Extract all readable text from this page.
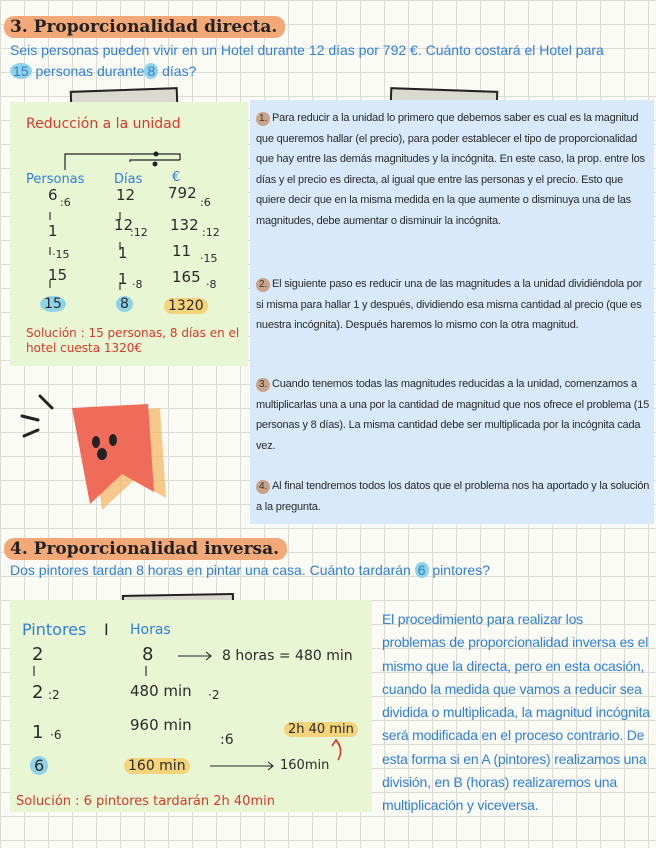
3. Proporcionalidad directa.
Seis personas pueden vivir en un Hotel durante 12 días por 792 €. Cuánto costará el Hotel para
15 personas durante 8 días?
Reducción a la unidad
Personas Días €
6 :6
1
15
·15
15
12
12
:12
1
1 ·8
8
792
:6
132 :12
11 ·15
165 ·8
1320
Solución : 15 personas, 8 días en el hotel cuesta 1320€
1. Para reducir a la unidad lo primero que debemos saber es cual es la magnitud que queremos hallar (el precio), para poder establecer el tipo de proporcionalidad que hay entre las demás magnitudes y la incógnita. En este caso, la prop. entre los días y el precio es directa, al igual que entre las personas y el precio. Esto que quiere decir que en la misma medida en la que aumente o disminuya una de las magnitudes, debe aumentar o disminuir la incógnita.
2. El siguiente paso es reducir una de las magnitudes a la unidad dividiéndola por si misma para hallar 1 y después, dividiendo esa misma cantidad al precio (que es nuestra incógnita). Después haremos lo mismo con la otra magnitud.
3. Cuando tenemos todas las magnitudes reducidas a la unidad, comenzamos a multiplicarlas una a una por la cantidad de magnitud que nos ofrece el problema (15 personas y 8 días). La misma cantidad debe ser multiplicada por la incógnita cada vez.
4. Al final tendremos todos los datos que el problema nos ha aportado y la solución a la pregunta.
4. Proporcionalidad inversa.
Dos pintores tardan 8 horas en pintar una casa. Cuánto tardarán 6 pintores?
Pintores I Horas
2
2 :2
1 ·6
6
8
480 min ·2
960 min
:6
160 min
8 horas = 480 min
2h 40 min
160min
Solución : 6 pintores tardarán 2h 40min
El procedimiento para realizar los problemas de proporcionalidad inversa es el mismo que la directa, pero en esta ocasión, cuando la medida que vamos a reducir sea dividida o multiplicada, la magnitud incógnita será modificada en el proceso contrario. De esta forma si en A (pintores) realizamos una división, en B (horas) realizaremos una multiplicación y viceversa.
